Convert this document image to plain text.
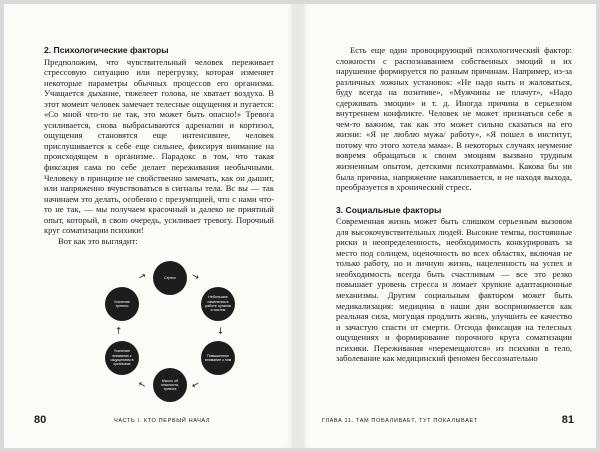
2. Психологические факторы

Предположим, что чувствительный человек переживает стрессовую ситуацию или перегрузку, которая изменяет некоторые параметры обычных процессов его организма. Учащается дыхание, тяжелеет голова, не хватает воздуха. В этот момент человек замечает телесные ощущения и пугается: «Со мной что-то не так, это может быть опасно!» Тревога усиливается, снова выбрасываются адреналин и кортизол, ощущения становятся еще интенсивнее, человек прислушивается к себе еще сильнее, фиксируя внимание на происходящем в организме. Парадокс в том, что такая фиксация сама по себе делает переживания необычными. Человеку в принципе не свойственно замечать, как он дышит, или напряженно вчувствоваться в сигналы тела. Вс вы — так начинаем это делать, особенно с презумпцией, что с нами что-то не так, — мы получаем красочный и далеко не приятный опыт, который, в свою очередь, усиливает тревогу. Порочный круг соматизации психики!

Вот как это выглядит:

Стресс
Небольшие изменения в работе органов и систем
Повышенное внимание к ним
Мысль об опасности, тревога
Усиление внимания к ощущениям в организме
Усиление тревоги
→
→
→
→
→
→
80	ЧАСТЬ I. КТО ПЕРВЫЙ НАЧАЛ

Есть еще один провоцирующий психологический фактор: сложности с распознаванием собственных эмоций и их нарушение формируется по разным причинам. Например, из-за различных ложных установок: «Не надо ныть и жаловаться, буду всегда на позитиве», «Мужчины не плачут», «Надо сдерживать эмоции» и т. д. Иногда причина в серьезном внутреннем конфликте. Человек не может признаться себе в чем-то важном, так как это может сильно сказаться на его жизни: «Я не люблю мужа/ работу», «Я пошел в институт, потому что этого хотела мама». В некоторых случаях неумение вовремя обращаться к своим эмоциям вызвано трудным жизненным опытом, детскими психотравмами. Какова бы ни была причина, напряжение накапливается, и не находя выхода, преобразуется в хронический стресс.

3. Социальные факторы

Современная жизнь может быть слишком серьезным вызовом для высокочувствительных людей. Высокие темпы, постоянные риски и неопределенность, необходимость конкурировать за место под солнцем, оценочность во всех областях, включая не только работу, но и личную жизнь, нацеленность на успех и необходимость всегда быть счастливым — все это резко повышает уровень стресса и ломает хрупкие адаптационные механизмы. Другим социальным фактором может быть медикализация: медицина в наши дни воспринимается как реальная сила, могущая продлить жизнь, улучшить ее качество и зачастую спасти от смерти. Отсюда фиксация на телесных ощущениях и формирование порочного круга соматизации психики. Переживания «перемещаются» из психики в тело, заболевание как медицинский феномен бессознательно

ГЛАВА 11. ТАМ ПОБАЛИВАЕТ, ТУТ ПОКАЛЫВАЕТ	81
